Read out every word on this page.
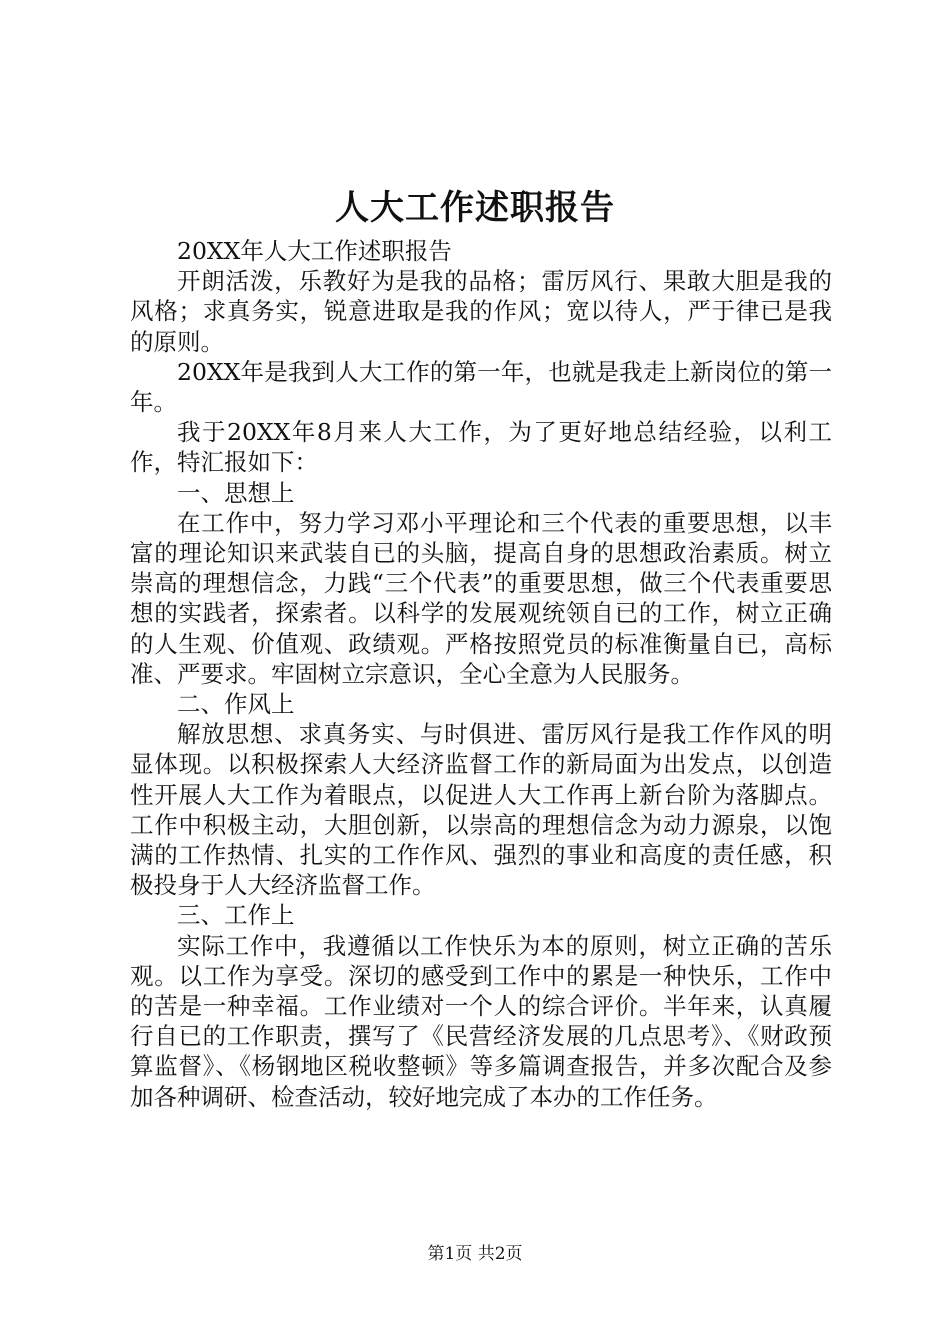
人大工作述职报告

20XX年人大工作述职报告

开朗活泼，乐教好为是我的品格；雷厉风行、果敢大胆是我的风格；求真务实，锐意进取是我的作风；宽以待人，严于律已是我的原则。

20XX年是我到人大工作的第一年，也就是我走上新岗位的第一年。

我于20XX年8月来人大工作，为了更好地总结经验，以利工作，特汇报如下：

一、思想上

在工作中，努力学习邓小平理论和三个代表的重要思想，以丰富的理论知识来武装自已的头脑，提高自身的思想政治素质。树立崇高的理想信念，力践“三个代表”的重要思想，做三个代表重要思想的实践者，探索者。以科学的发展观统领自已的工作，树立正确的人生观、价值观、政绩观。严格按照党员的标准衡量自已，高标准、严要求。牢固树立宗意识，全心全意为人民服务。

二、作风上

解放思想、求真务实、与时俱进、雷厉风行是我工作作风的明显体现。以积极探索人大经济监督工作的新局面为出发点，以创造性开展人大工作为着眼点，以促进人大工作再上新台阶为落脚点。工作中积极主动，大胆创新，以崇高的理想信念为动力源泉，以饱满的工作热情、扎实的工作作风、强烈的事业和高度的责任感，积极投身于人大经济监督工作。

三、工作上

实际工作中，我遵循以工作快乐为本的原则，树立正确的苦乐观。以工作为享受。深切的感受到工作中的累是一种快乐，工作中的苦是一种幸福。工作业绩对一个人的综合评价。半年来，认真履行自已的工作职责，撰写了《民营经济发展的几点思考》、《财政预算监督》、《杨钢地区税收整顿》等多篇调查报告，并多次配合及参加各种调研、检查活动，较好地完成了本办的工作任务。

第1页 共2页
